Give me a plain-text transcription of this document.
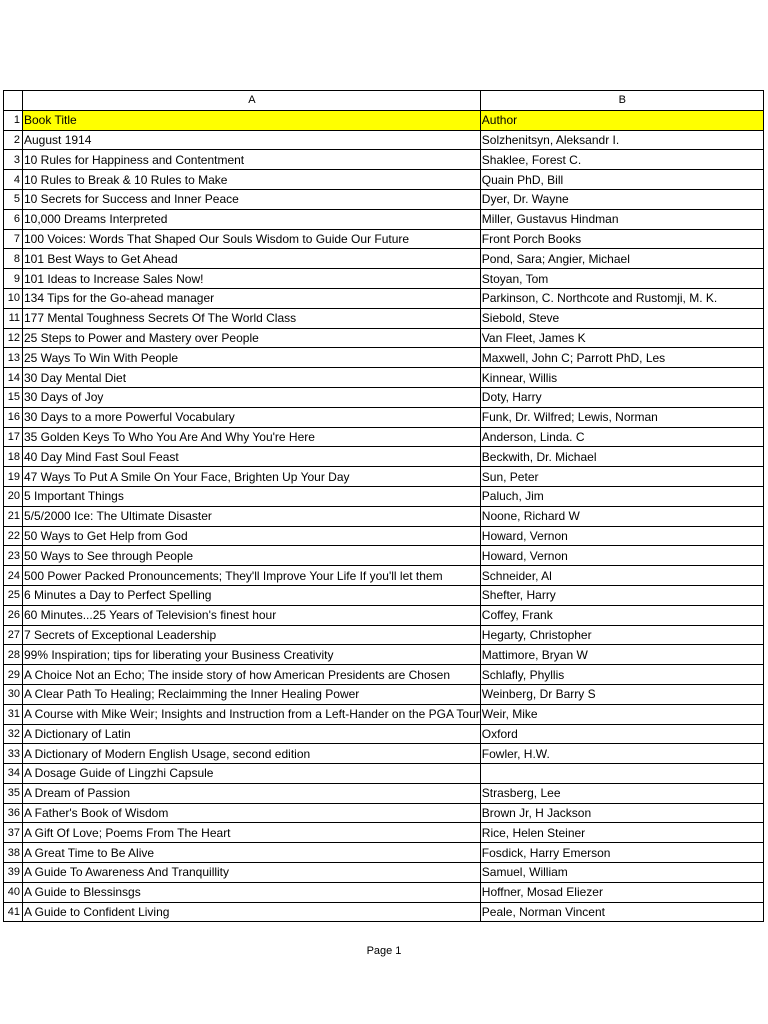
	A	B
1	Book Title	Author
2	August 1914	Solzhenitsyn, Aleksandr I.
3	10 Rules for Happiness and Contentment	Shaklee, Forest C.
4	10 Rules to Break & 10 Rules to Make	Quain PhD, Bill
5	10 Secrets for Success and Inner Peace	Dyer, Dr. Wayne
6	10,000 Dreams Interpreted	Miller, Gustavus Hindman
7	100 Voices: Words That Shaped Our Souls Wisdom to Guide Our Future	Front Porch Books
8	101 Best Ways to Get Ahead	Pond, Sara; Angier, Michael
9	101 Ideas to Increase Sales Now!	Stoyan, Tom
10	134 Tips for the Go-ahead manager	Parkinson, C. Northcote and Rustomji, M. K.
11	177 Mental Toughness Secrets Of The World Class	Siebold, Steve
12	25 Steps to Power and Mastery over People	Van Fleet, James K
13	25 Ways To Win With People	Maxwell, John C; Parrott PhD, Les
14	30 Day Mental Diet	Kinnear, Willis
15	30 Days of Joy	Doty, Harry
16	30 Days to a more Powerful Vocabulary	Funk, Dr. Wilfred; Lewis, Norman
17	35 Golden Keys To Who You Are And Why You're Here	Anderson, Linda. C
18	40 Day Mind Fast Soul Feast	Beckwith, Dr. Michael
19	47 Ways To Put A Smile On Your Face, Brighten Up Your Day	Sun, Peter
20	5 Important Things	Paluch, Jim
21	5/5/2000 Ice: The Ultimate Disaster	Noone, Richard W
22	50 Ways to Get Help from God	Howard, Vernon
23	50 Ways to See through People	Howard, Vernon
24	500 Power Packed Pronouncements; They'll Improve Your Life If you'll let them	Schneider, Al
25	6 Minutes a Day to Perfect Spelling	Shefter, Harry
26	60 Minutes...25 Years of Television's finest hour	Coffey, Frank
27	7 Secrets of Exceptional Leadership	Hegarty, Christopher
28	99% Inspiration; tips for liberating your Business Creativity	Mattimore, Bryan W
29	A Choice Not an Echo; The inside story of how American Presidents are Chosen	Schlafly, Phyllis
30	A Clear Path To Healing; Reclaimming the Inner Healing Power	Weinberg, Dr Barry S
31	A Course with Mike Weir; Insights and Instruction from a Left-Hander on the PGA Tour	Weir, Mike
32	A Dictionary of Latin	Oxford
33	A Dictionary of Modern English Usage, second edition	Fowler, H.W.
34	A Dosage Guide of Lingzhi Capsule	
35	A Dream of Passion	Strasberg, Lee
36	A Father's Book of Wisdom	Brown Jr, H Jackson
37	A Gift Of Love; Poems From The Heart	Rice, Helen Steiner
38	A Great Time to Be Alive	Fosdick, Harry Emerson
39	A Guide To Awareness And Tranquillity	Samuel, William
40	A Guide to Blessinsgs	Hoffner, Mosad Eliezer
41	A Guide to Confident Living	Peale, Norman Vincent
Page 1
